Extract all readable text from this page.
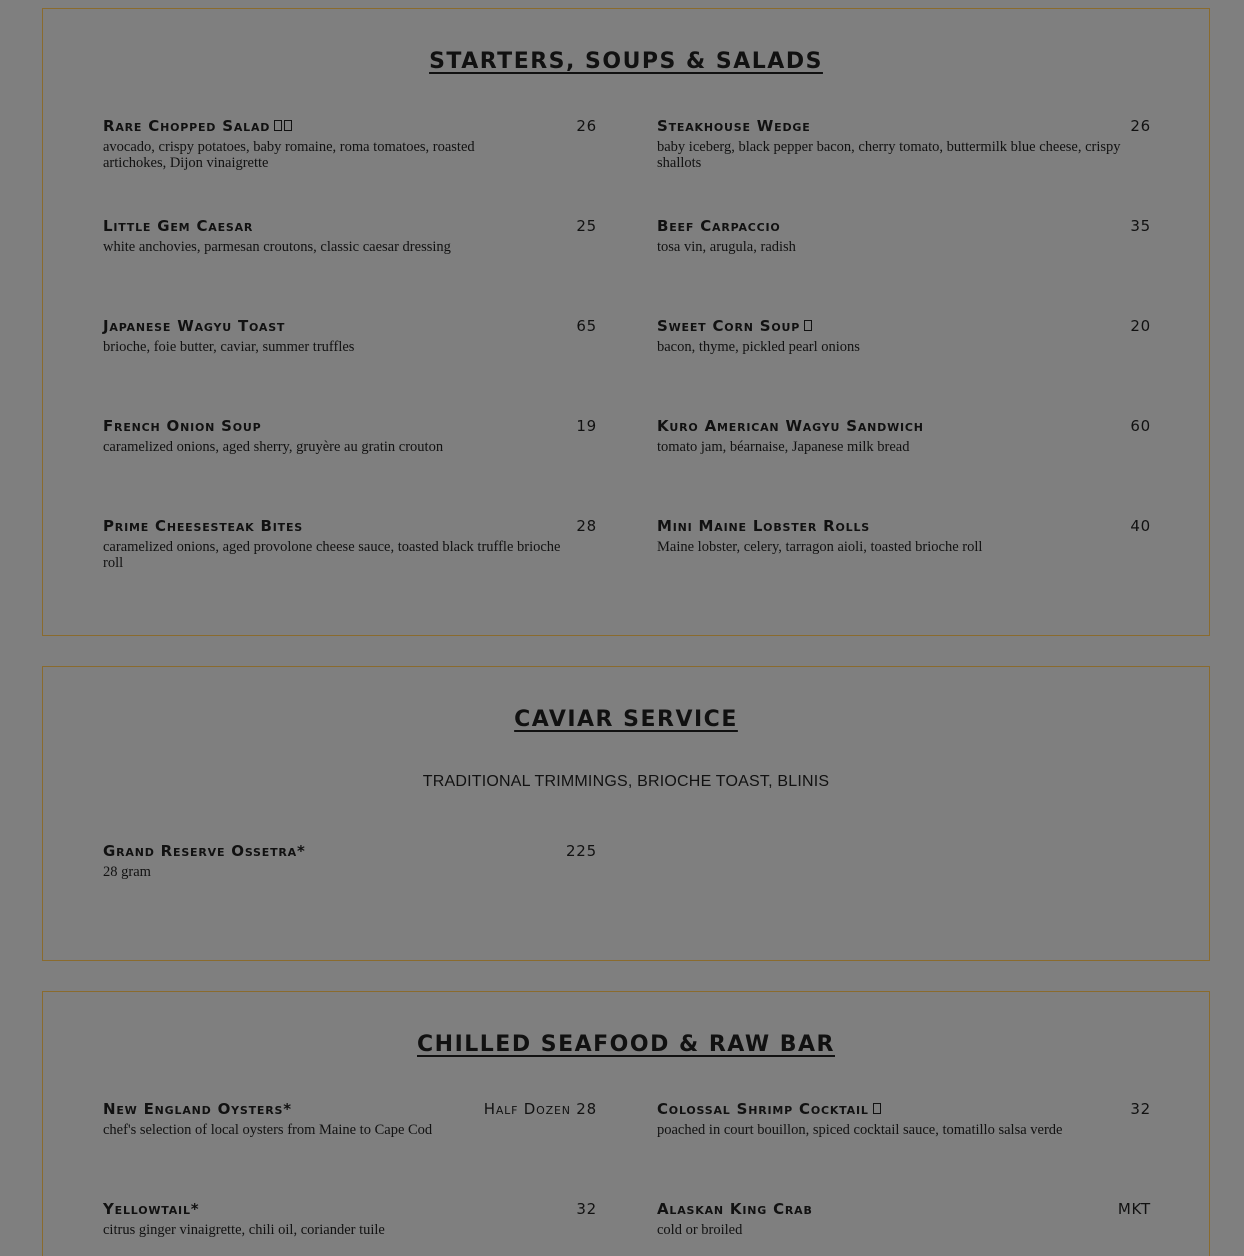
STARTERS, SOUPS & SALADS
Rare Chopped Salad	26
avocado, crispy potatoes, baby romaine, roma tomatoes, roasted artichokes, Dijon vinaigrette
Steakhouse Wedge	26
baby iceberg, black pepper bacon, cherry tomato, buttermilk blue cheese, crispy shallots
Little Gem Caesar	25
white anchovies, parmesan croutons, classic caesar dressing
Beef Carpaccio	35
tosa vin, arugula, radish
Japanese Wagyu Toast	65
brioche, foie butter, caviar, summer truffles
Sweet Corn Soup	20
bacon, thyme, pickled pearl onions
French Onion Soup	19
caramelized onions, aged sherry, gruyère au gratin crouton
Kuro American Wagyu Sandwich	60
tomato jam, béarnaise, Japanese milk bread
Prime Cheesesteak Bites	28
caramelized onions, aged provolone cheese sauce, toasted black truffle brioche roll
Mini Maine Lobster Rolls	40
Maine lobster, celery, tarragon aioli, toasted brioche roll
CAVIAR SERVICE
TRADITIONAL TRIMMINGS, BRIOCHE TOAST, BLINIS
Grand Reserve Ossetra*	225
28 gram
CHILLED SEAFOOD & RAW BAR
New England Oysters*	Half Dozen 28
chef's selection of local oysters from Maine to Cape Cod
Colossal Shrimp Cocktail	32
poached in court bouillon, spiced cocktail sauce, tomatillo salsa verde
Yellowtail*	32
citrus ginger vinaigrette, chili oil, coriander tuile
Alaskan King Crab	MKT
cold or broiled
